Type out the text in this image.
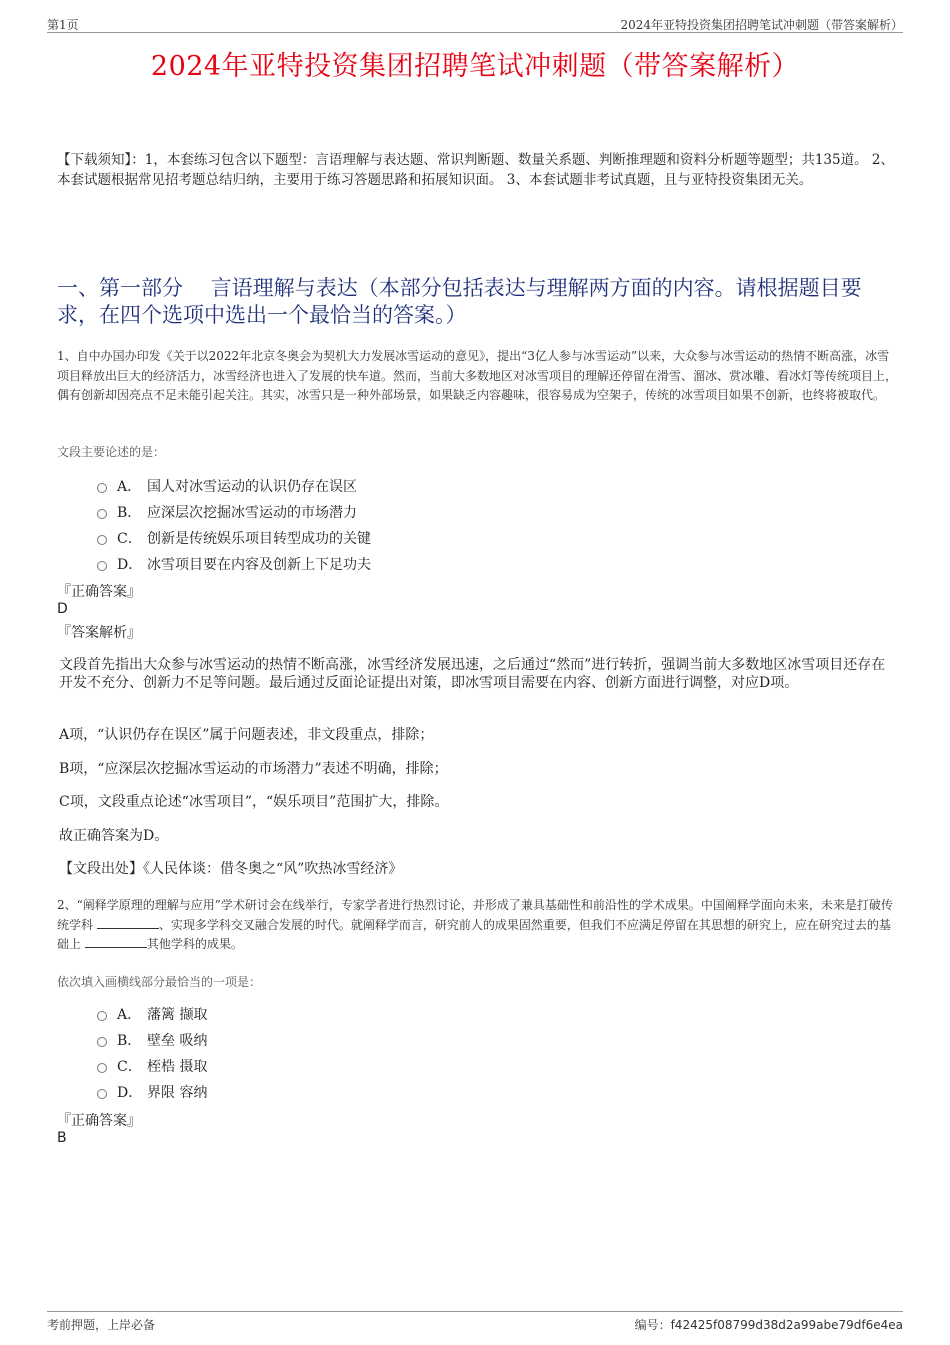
第1页	2024年亚特投资集团招聘笔试冲刺题（带答案解析）
2024年亚特投资集团招聘笔试冲刺题（带答案解析）
【下载须知】：1，本套练习包含以下题型：言语理解与表达题、常识判断题、数量关系题、判断推理题和资料分析题等题型；共135道。 2、本套试题根据常见招考题总结归纳，主要用于练习答题思路和拓展知识面。 3、本套试题非考试真题，且与亚特投资集团无关。
一、第一部分　 言语理解与表达（本部分包括表达与理解两方面的内容。请根据题目要求，在四个选项中选出一个最恰当的答案。）
1、自中办国办印发《关于以2022年北京冬奥会为契机大力发展冰雪运动的意见》，提出“3亿人参与冰雪运动”以来，大众参与冰雪运动的热情不断高涨，冰雪项目释放出巨大的经济活力，冰雪经济也进入了发展的快车道。然而，当前大多数地区对冰雪项目的理解还停留在滑雪、溜冰、赏冰雕、看冰灯等传统项目上，偶有创新却因亮点不足未能引起关注。其实，冰雪只是一种外部场景，如果缺乏内容趣味，很容易成为空架子，传统的冰雪项目如果不创新，也终将被取代。
文段主要论述的是：
A． 国人对冰雪运动的认识仍存在误区
B． 应深层次挖掘冰雪运动的市场潜力
C． 创新是传统娱乐项目转型成功的关键
D． 冰雪项目要在内容及创新上下足功夫
『正确答案』
D
『答案解析』
文段首先指出大众参与冰雪运动的热情不断高涨，冰雪经济发展迅速，之后通过“然而”进行转折，强调当前大多数地区冰雪项目还存在开发不充分、创新力不足等问题。最后通过反面论证提出对策，即冰雪项目需要在内容、创新方面进行调整，对应D项。
A项，“认识仍存在误区”属于问题表述，非文段重点，排除；
B项，“应深层次挖掘冰雪运动的市场潜力”表述不明确，排除；
C项，文段重点论述“冰雪项目”，“娱乐项目”范围扩大，排除。
故正确答案为D。
【文段出处】《人民体谈：借冬奥之“风”吹热冰雪经济》
2、“阐释学原理的理解与应用”学术研讨会在线举行，专家学者进行热烈讨论，并形成了兼具基础性和前沿性的学术成果。中国阐释学面向未来，未来是打破传统学科	、实现多学科交叉融合发展的时代。就阐释学而言，研究前人的成果固然重要，但我们不应满足停留在其思想的研究上，应在研究过去的基础上	其他学科的成果。
依次填入画横线部分最恰当的一项是：
A． 藩篱 撷取
B． 壁垒 吸纳
C． 桎梏 摄取
D． 界限 容纳
『正确答案』
B
考前押题，上岸必备	编号：f42425f08799d38d2a99abe79df6e4ea
